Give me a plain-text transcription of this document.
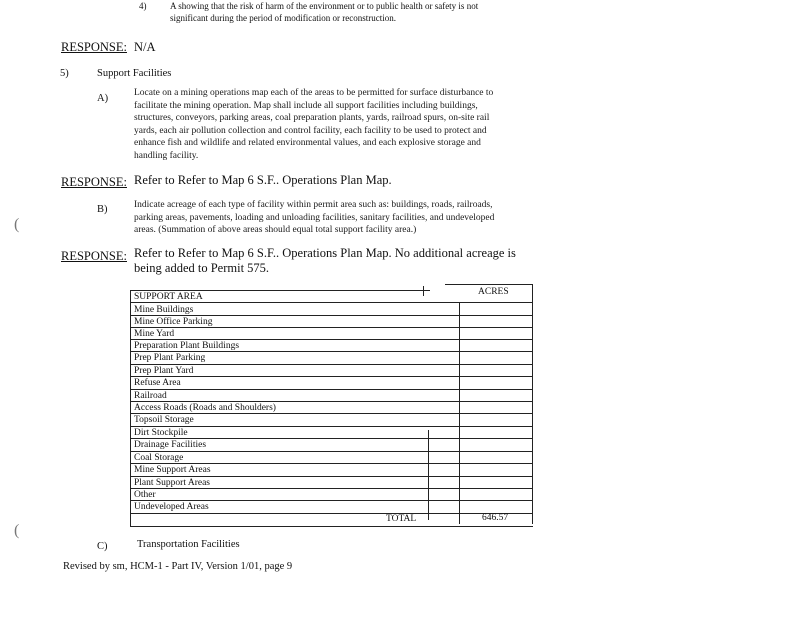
4)	A showing that the risk of harm of the environment or to public health or safety is not
significant during the period of modification or reconstruction.
RESPONSE: N/A
5)	Support Facilities
A)	Locate on a mining operations map each of the areas to be permitted for surface disturbance to
facilitate the mining operation. Map shall include all support facilities including buildings,
structures, conveyors, parking areas, coal preparation plants, yards, railroad spurs, on-site rail
yards, each air pollution collection and control facility, each facility to be used to protect and
enhance fish and wildlife and related environmental values, and each explosive storage and
handling facility.
RESPONSE: Refer to Refer to Map 6 S.F.. Operations Plan Map.
B)	Indicate acreage of each type of facility within permit area such as: buildings, roads, railroads,
parking areas, pavements, loading and unloading facilities, sanitary facilities, and undeveloped
areas. (Summation of above areas should equal total support facility area.)
(
RESPONSE: Refer to Refer to Map 6 S.F.. Operations Plan Map. No additional acreage is
being added to Permit 575.
SUPPORT AREA	ACRES
Mine Buildings
Mine Office Parking
Mine Yard
Preparation Plant Buildings
Prep Plant Parking
Prep Plant Yard
Refuse Area
Railroad
Access Roads (Roads and Shoulders)
Topsoil Storage
Dirt Stockpile
Drainage Facilities
Coal Storage
Mine Support Areas
Plant Support Areas
Other
Undeveloped Areas
TOTAL	646.57
(
C)	Transportation Facilities
Revised by sm, HCM-1 - Part IV, Version 1/01, page 9
